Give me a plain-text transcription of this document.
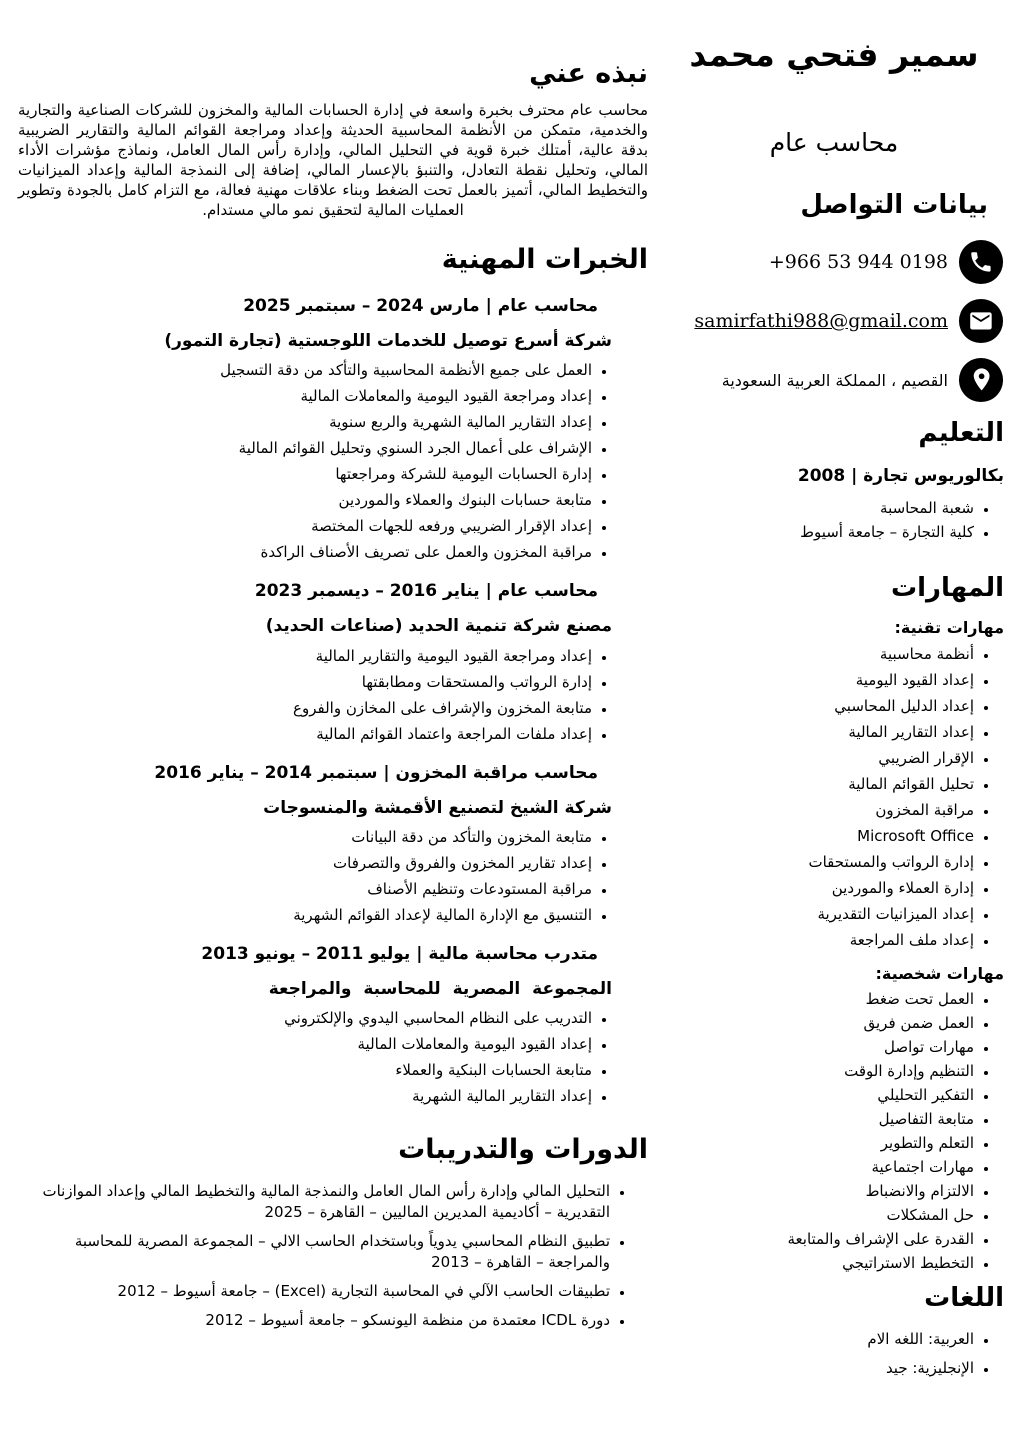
سمير فتحي محمد
محاسب عام
بيانات التواصل
+966 53 944 0198
samirfathi988@gmail.com
القصيم ، المملكة العربية السعودية
التعليم
بكالوريوس تجارة | 2008
• شعبة المحاسبة
• كلية التجارة – جامعة أسيوط
المهارات
مهارات تقنية:
• أنظمة محاسبية
• إعداد القيود اليومية
• إعداد الدليل المحاسبي
• إعداد التقارير المالية
• الإقرار الضريبي
• تحليل القوائم المالية
• مراقبة المخزون
• Microsoft Office
• إدارة الرواتب والمستحقات
• إدارة العملاء والموردين
• إعداد الميزانيات التقديرية
• إعداد ملف المراجعة
مهارات شخصية:
• العمل تحت ضغط
• العمل ضمن فريق
• مهارات تواصل
• التنظيم وإدارة الوقت
• التفكير التحليلي
• متابعة التفاصيل
• التعلم والتطوير
• مهارات اجتماعية
• الالتزام والانضباط
• حل المشكلات
• القدرة على الإشراف والمتابعة
• التخطيط الاستراتيجي
اللغات
• العربية: اللغه الام
• الإنجليزية: جيد
نبذه عني

محاسب عام محترف بخبرة واسعة في إدارة الحسابات المالية والمخزون للشركات الصناعية والتجارية والخدمية، متمكن من الأنظمة المحاسبية الحديثة وإعداد ومراجعة القوائم المالية والتقارير الضريبية بدقة عالية، أمتلك خبرة قوية في التحليل المالي، وإدارة رأس المال العامل، ونماذج مؤشرات الأداء المالي، وتحليل نقطة التعادل، والتنبؤ بالإعسار المالي، إضافة إلى النمذجة المالية وإعداد الميزانيات والتخطيط المالي، أتميز بالعمل تحت الضغط وبناء علاقات مهنية فعالة، مع التزام كامل بالجودة وتطوير العمليات المالية لتحقيق نمو مالي مستدام.

الخبرات المهنية
محاسب عام | مارس 2024 – سبتمبر 2025
شركة أسرع توصيل للخدمات اللوجستية (تجارة التمور)
• العمل على جميع الأنظمة المحاسبية والتأكد من دقة التسجيل
• إعداد ومراجعة القيود اليومية والمعاملات المالية
• إعداد التقارير المالية الشهرية والربع سنوية
• الإشراف على أعمال الجرد السنوي وتحليل القوائم المالية
• إدارة الحسابات اليومية للشركة ومراجعتها
• متابعة حسابات البنوك والعملاء والموردين
• إعداد الإقرار الضريبي ورفعه للجهات المختصة
• مراقبة المخزون والعمل على تصريف الأصناف الراكدة
محاسب عام | يناير 2016 – ديسمبر 2023
مصنع شركة تنمية الحديد (صناعات الحديد)
• إعداد ومراجعة القيود اليومية والتقارير المالية
• إدارة الرواتب والمستحقات ومطابقتها
• متابعة المخزون والإشراف على المخازن والفروع
• إعداد ملفات المراجعة واعتماد القوائم المالية
محاسب مراقبة المخزون | سبتمبر 2014 – يناير 2016
شركة الشيخ لتصنيع الأقمشة والمنسوجات
• متابعة المخزون والتأكد من دقة البيانات
• إعداد تقارير المخزون والفروق والتصرفات
• مراقبة المستودعات وتنظيم الأصناف
• التنسيق مع الإدارة المالية لإعداد القوائم الشهرية
متدرب محاسبة مالية | يوليو 2011 – يونيو 2013
المجموعة المصرية للمحاسبة والمراجعة
• التدريب على النظام المحاسبي اليدوي والإلكتروني
• إعداد القيود اليومية والمعاملات المالية
• متابعة الحسابات البنكية والعملاء
• إعداد التقارير المالية الشهرية
الدورات والتدريبات
• التحليل المالي وإدارة رأس المال العامل والنمذجة المالية والتخطيط المالي وإعداد الموازنات التقديرية – أكاديمية المديرين الماليين – القاهرة – 2025
• تطبيق النظام المحاسبي يدوياً وباستخدام الحاسب الالي – المجموعة المصرية للمحاسبة والمراجعة – القاهرة – 2013
• تطبيقات الحاسب الآلي في المحاسبة التجارية (Excel) – جامعة أسيوط – 2012
• دورة ICDL معتمدة من منظمة اليونسكو – جامعة أسيوط – 2012
